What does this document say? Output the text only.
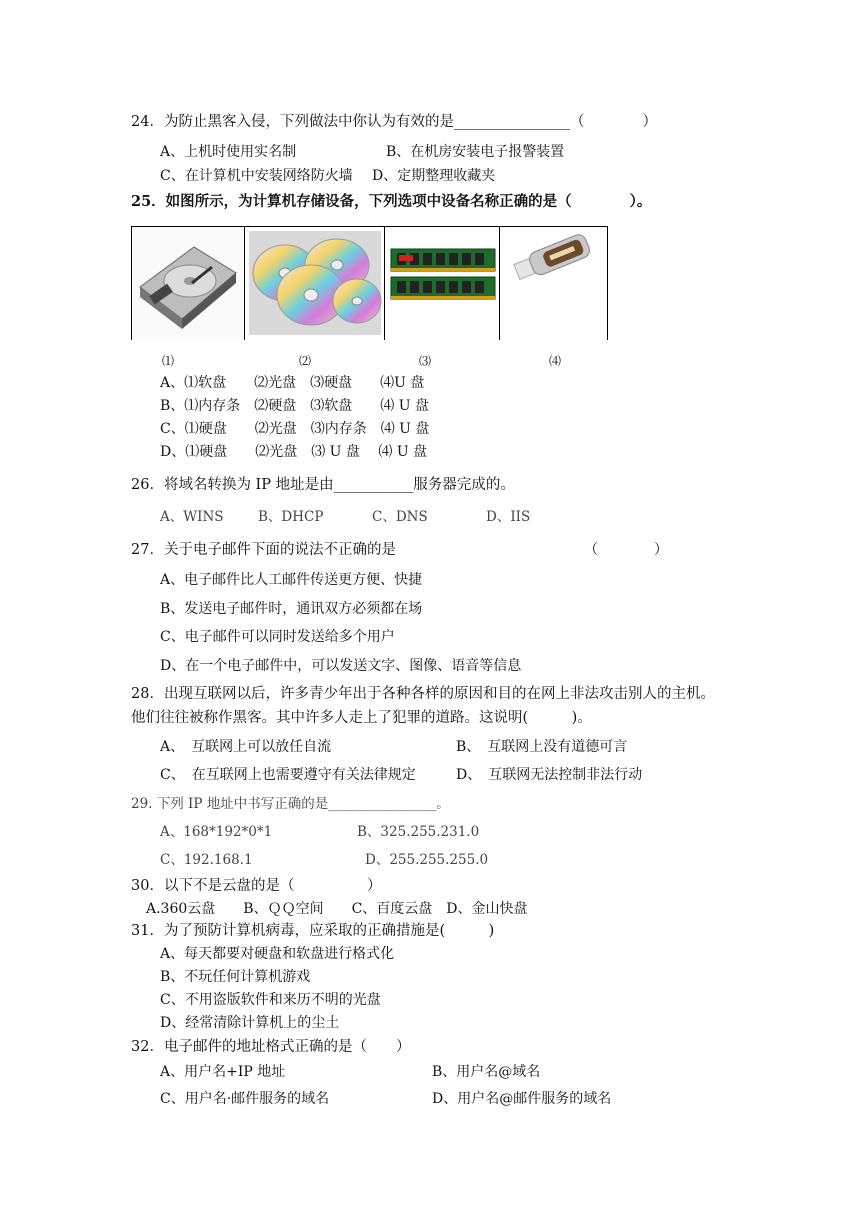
24．为防止黑客入侵，下列做法中你认为有效的是________________（　　　　）
A、上机时使用实名制	B、在机房安装电子报警装置
C、在计算机中安装网络防火墙 D、定期整理收藏夹
25．如图所示，为计算机存储设备，下列选项中设备名称正确的是（　　　　）。
⑴	⑵	⑶	⑷
A、⑴软盘　　⑵光盘　⑶硬盘　　⑷U 盘
B、⑴内存条　⑵硬盘　⑶软盘　　⑷ U 盘
C、⑴硬盘　　⑵光盘　⑶内存条　⑷ U 盘
D、⑴硬盘　　⑵光盘　⑶ U 盘　 ⑷ U 盘
26．将域名转换为 IP 地址是由___________服务器完成的。
A、WINS	B、DHCP	C、DNS	D、IIS
27．关于电子邮件下面的说法不正确的是	（　　　　）
A、电子邮件比人工邮件传送更方便、快捷
B、发送电子邮件时，通讯双方必须都在场
C、电子邮件可以同时发送给多个用户
D、在一个电子邮件中，可以发送文字、图像、语音等信息
28．出现互联网以后，许多青少年出于各种各样的原因和目的在网上非法攻击别人的主机。
他们往往被称作黑客。其中许多人走上了犯罪的道路。这说明(　　　)。
A、　互联网上可以放任自流	B、　互联网上没有道德可言
C、　在互联网上也需要遵守有关法律规定	D、　互联网无法控制非法行动
29. 下列 IP 地址中书写正确的是________________。
A、168*192*0*1	B、325.255.231.0
C、192.168.1	D、255.255.255.0
30．以下不是云盘的是（　　　　　）
A.360云盘　　B、ＱＱ空间　　C、百度云盘　D、金山快盘
31．为了预防计算机病毒，应采取的正确措施是(　　　)
A、每天都要对硬盘和软盘进行格式化
B、不玩任何计算机游戏
C、不用盗版软件和来历不明的光盘
D、经常清除计算机上的尘土
32．电子邮件的地址格式正确的是（　　）
A、用户名+IP 地址	B、用户名@域名
C、用户名·邮件服务的域名	D、用户名@邮件服务的域名
